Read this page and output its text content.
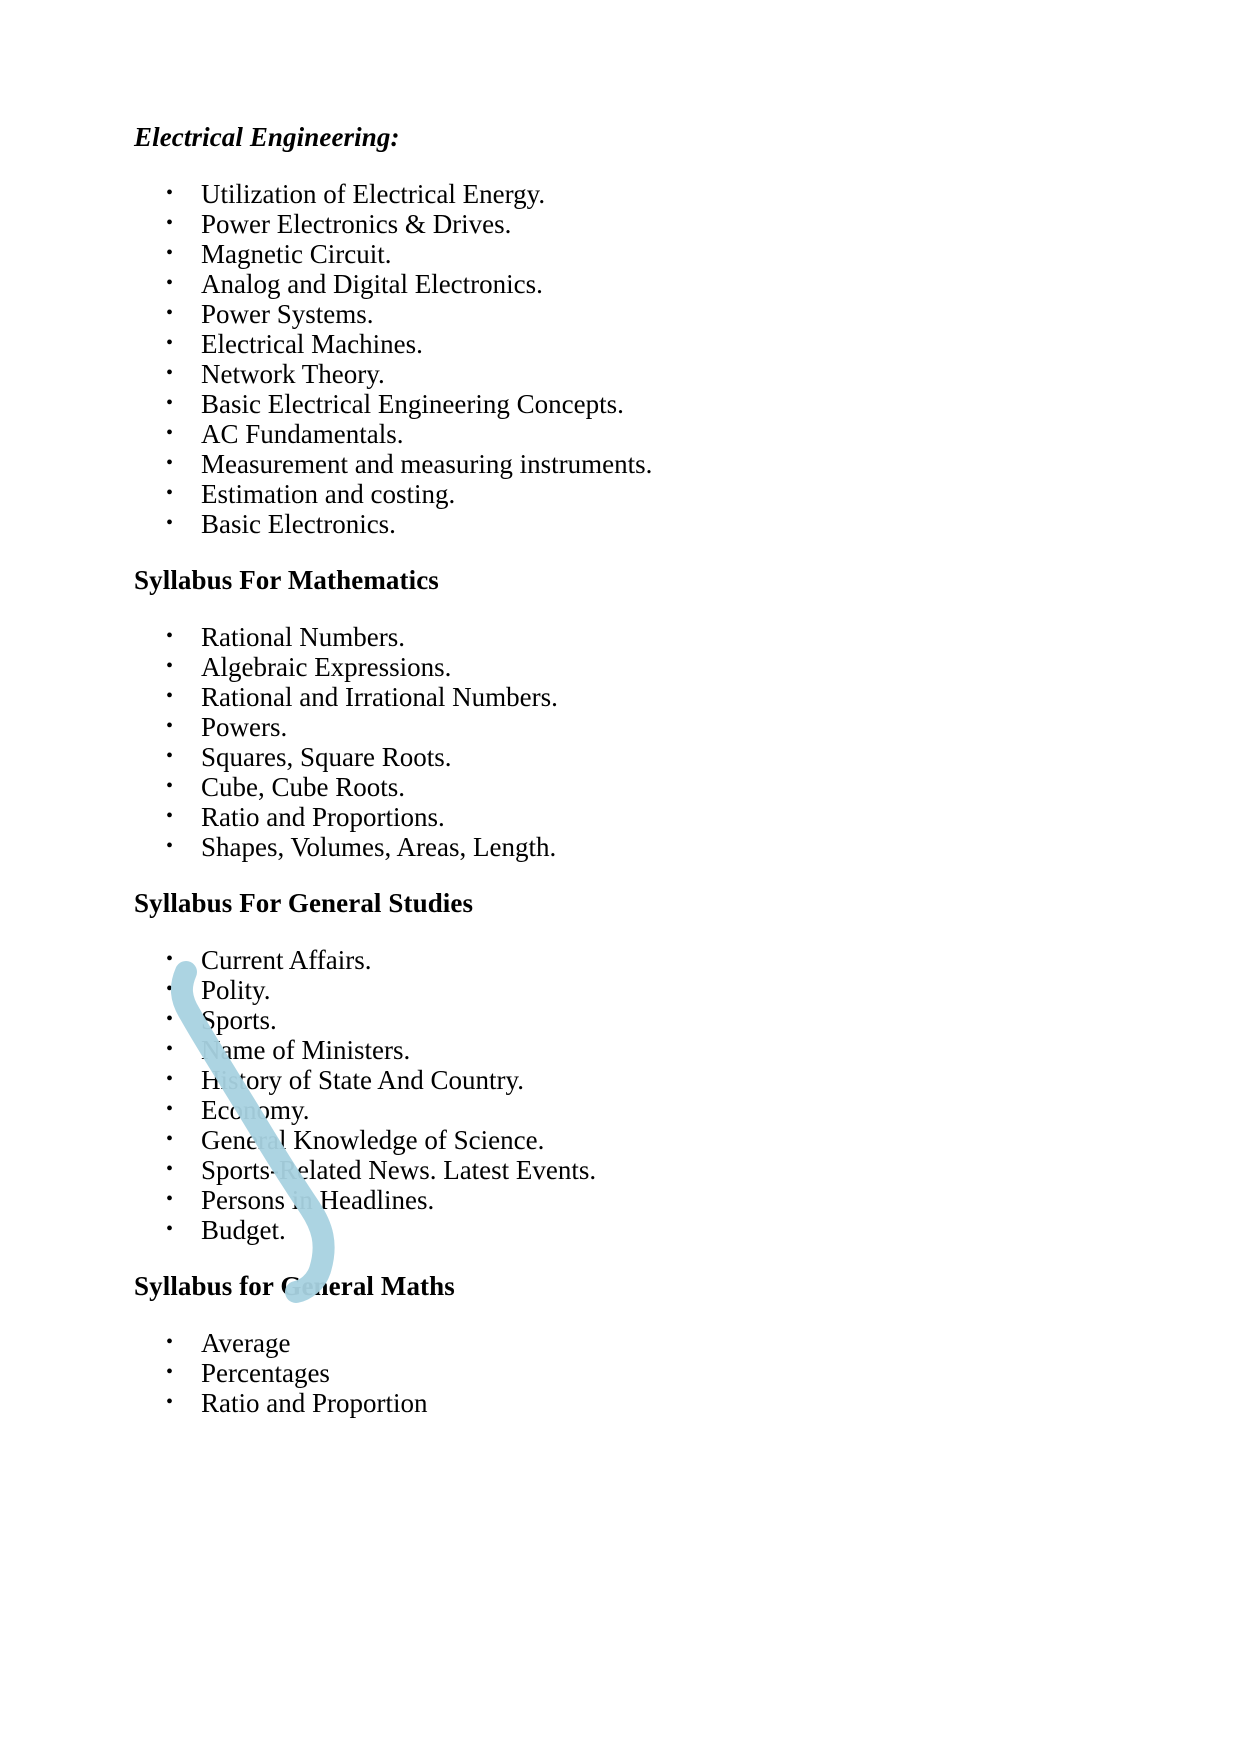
Electrical Engineering:
• Utilization of Electrical Energy.
• Power Electronics & Drives.
• Magnetic Circuit.
• Analog and Digital Electronics.
• Power Systems.
• Electrical Machines.
• Network Theory.
• Basic Electrical Engineering Concepts.
• AC Fundamentals.
• Measurement and measuring instruments.
• Estimation and costing.
• Basic Electronics.
Syllabus For Mathematics
• Rational Numbers.
• Algebraic Expressions.
• Rational and Irrational Numbers.
• Powers.
• Squares, Square Roots.
• Cube, Cube Roots.
• Ratio and Proportions.
• Shapes, Volumes, Areas, Length.
Syllabus For General Studies
• Current Affairs.
• Polity.
• Sports.
• Name of Ministers.
• History of State And Country.
• Economy.
• General Knowledge of Science.
• Sports-Related News. Latest Events.
• Persons in Headlines.
• Budget.
Syllabus for General Maths
• Average
• Percentages
• Ratio and Proportion
